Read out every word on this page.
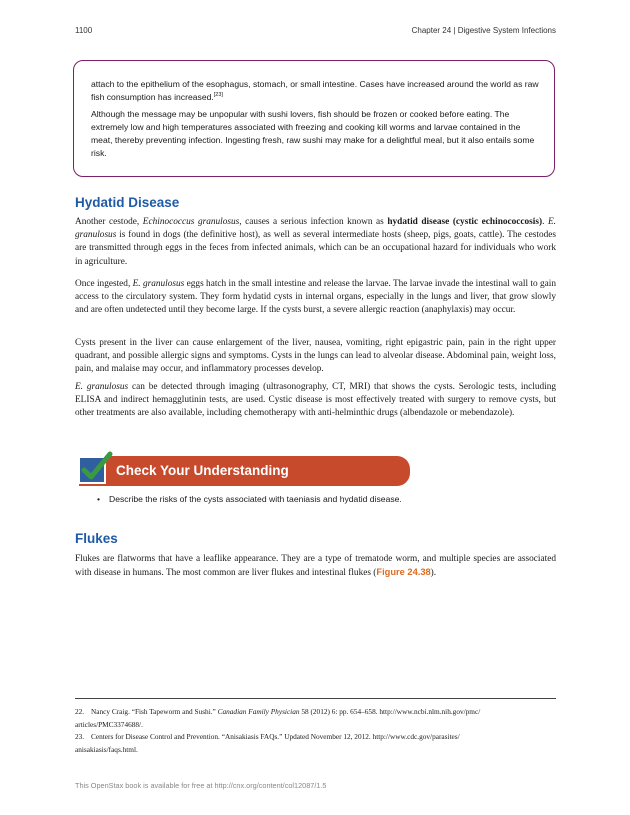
1100	Chapter 24 | Digestive System Infections

attach to the epithelium of the esophagus, stomach, or small intestine. Cases have increased around the world as raw fish consumption has increased.[23]

Although the message may be unpopular with sushi lovers, fish should be frozen or cooked before eating. The extremely low and high temperatures associated with freezing and cooking kill worms and larvae contained in the meat, thereby preventing infection. Ingesting fresh, raw sushi may make for a delightful meal, but it also entails some risk.

Hydatid Disease

Another cestode, Echinococcus granulosus, causes a serious infection known as hydatid disease (cystic echinococcosis). E. granulosus is found in dogs (the definitive host), as well as several intermediate hosts (sheep, pigs, goats, cattle). The cestodes are transmitted through eggs in the feces from infected animals, which can be an occupational hazard for individuals who work in agriculture.

Once ingested, E. granulosus eggs hatch in the small intestine and release the larvae. The larvae invade the intestinal wall to gain access to the circulatory system. They form hydatid cysts in internal organs, especially in the lungs and liver, that grow slowly and are often undetected until they become large. If the cysts burst, a severe allergic reaction (anaphylaxis) may occur.

Cysts present in the liver can cause enlargement of the liver, nausea, vomiting, right epigastric pain, pain in the right upper quadrant, and possible allergic signs and symptoms. Cysts in the lungs can lead to alveolar disease. Abdominal pain, weight loss, pain, and malaise may occur, and inflammatory processes develop.

E. granulosus can be detected through imaging (ultrasonography, CT, MRI) that shows the cysts. Serologic tests, including ELISA and indirect hemagglutinin tests, are used. Cystic disease is most effectively treated with surgery to remove cysts, but other treatments are also available, including chemotherapy with anti-helminthic drugs (albendazole or mebendazole).

Check Your Understanding
• Describe the risks of the cysts associated with taeniasis and hydatid disease.
Flukes

Flukes are flatworms that have a leaflike appearance. They are a type of trematode worm, and multiple species are associated with disease in humans. The most common are liver flukes and intestinal flukes (Figure 24.38).

22. Nancy Craig. “Fish Tapeworm and Sushi.” Canadian Family Physician 58 (2012) 6: pp. 654–658. http://www.ncbi.nlm.nih.gov/pmc/
articles/PMC3374688/.
23. Centers for Disease Control and Prevention. “Anisakiasis FAQs.” Updated November 12, 2012. http://www.cdc.gov/parasites/
anisakiasis/faqs.html.
This OpenStax book is available for free at http://cnx.org/content/col12087/1.5
